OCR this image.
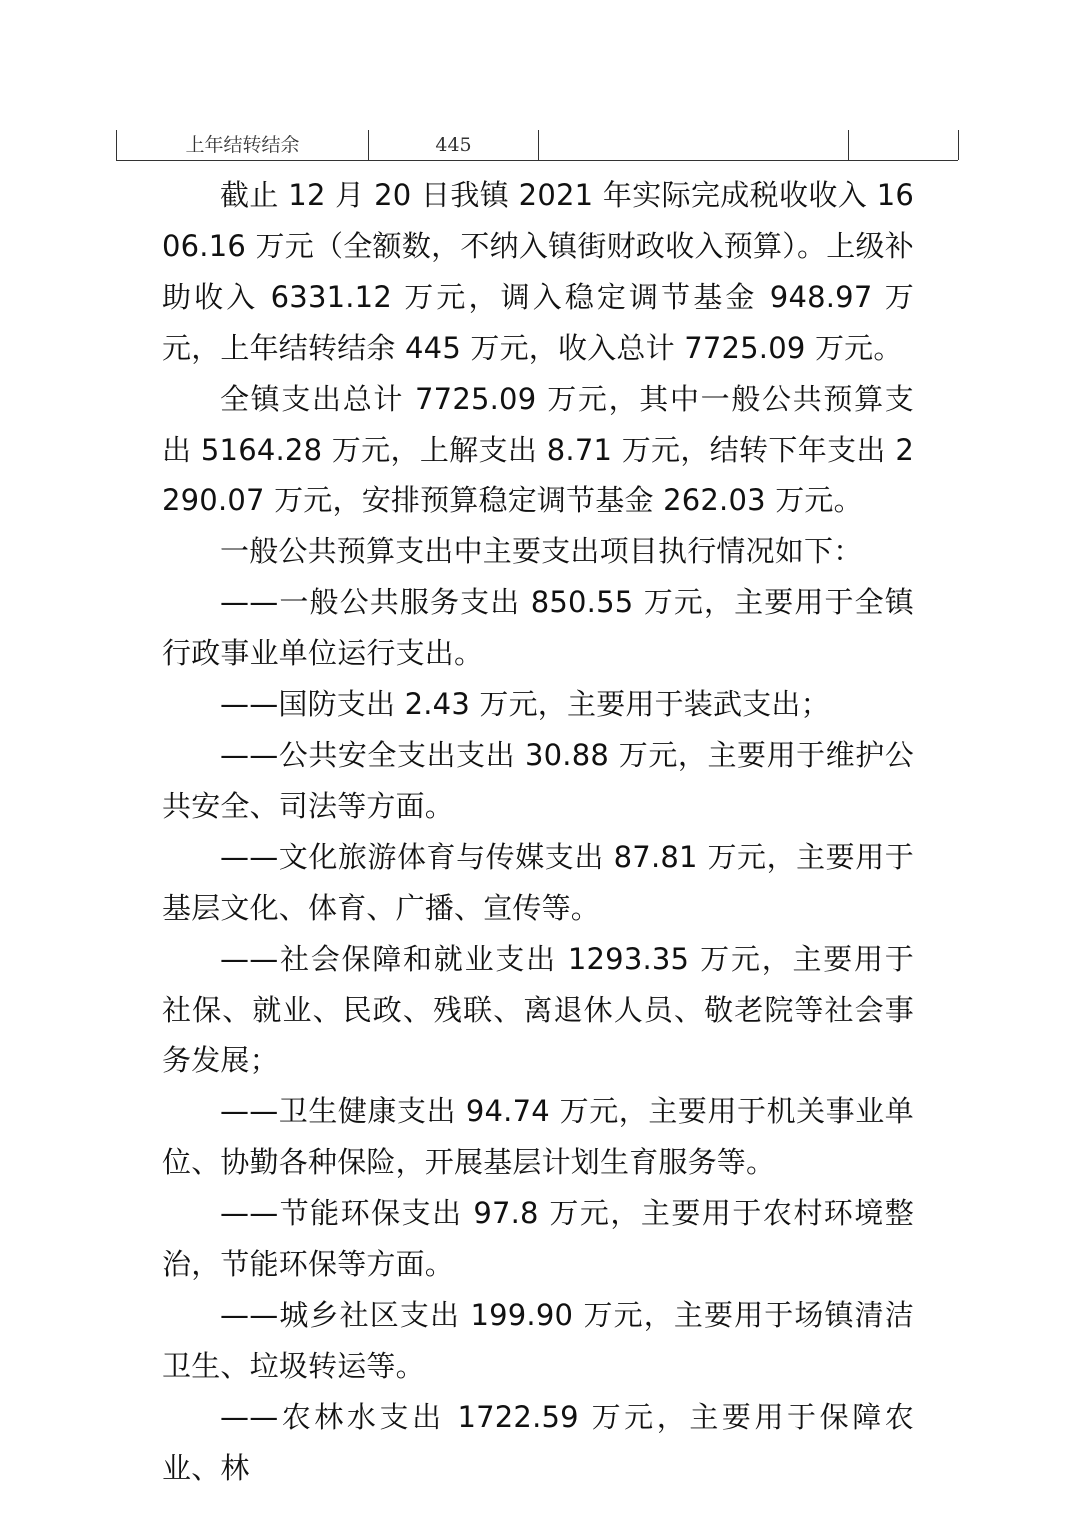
上年结转结余	445

截止 12 月 20 日我镇 2021 年实际完成税收收入 1606.16 万元（全额数，不纳入镇街财政收入预算）。上级补助收入 6331.12 万元，调入稳定调节基金 948.97 万元，上年结转结余 445 万元，收入总计 7725.09 万元。

全镇支出总计 7725.09 万元，其中一般公共预算支出 5164.28 万元，上解支出 8.71 万元，结转下年支出 2290.07 万元，安排预算稳定调节基金 262.03 万元。

一般公共预算支出中主要支出项目执行情况如下：

——一般公共服务支出 850.55 万元，主要用于全镇行政事业单位运行支出。

——国防支出 2.43 万元，主要用于装武支出；

——公共安全支出支出 30.88 万元，主要用于维护公共安全、司法等方面。

——文化旅游体育与传媒支出 87.81 万元，主要用于基层文化、体育、广播、宣传等。

——社会保障和就业支出 1293.35 万元，主要用于社保、就业、民政、残联、离退休人员、敬老院等社会事务发展；

——卫生健康支出 94.74 万元，主要用于机关事业单位、协勤各种保险，开展基层计划生育服务等。

——节能环保支出 97.8 万元，主要用于农村环境整治，节能环保等方面。

——城乡社区支出 199.90 万元，主要用于场镇清洁卫生、垃圾转运等。

——农林水支出 1722.59 万元，主要用于保障农业、林
